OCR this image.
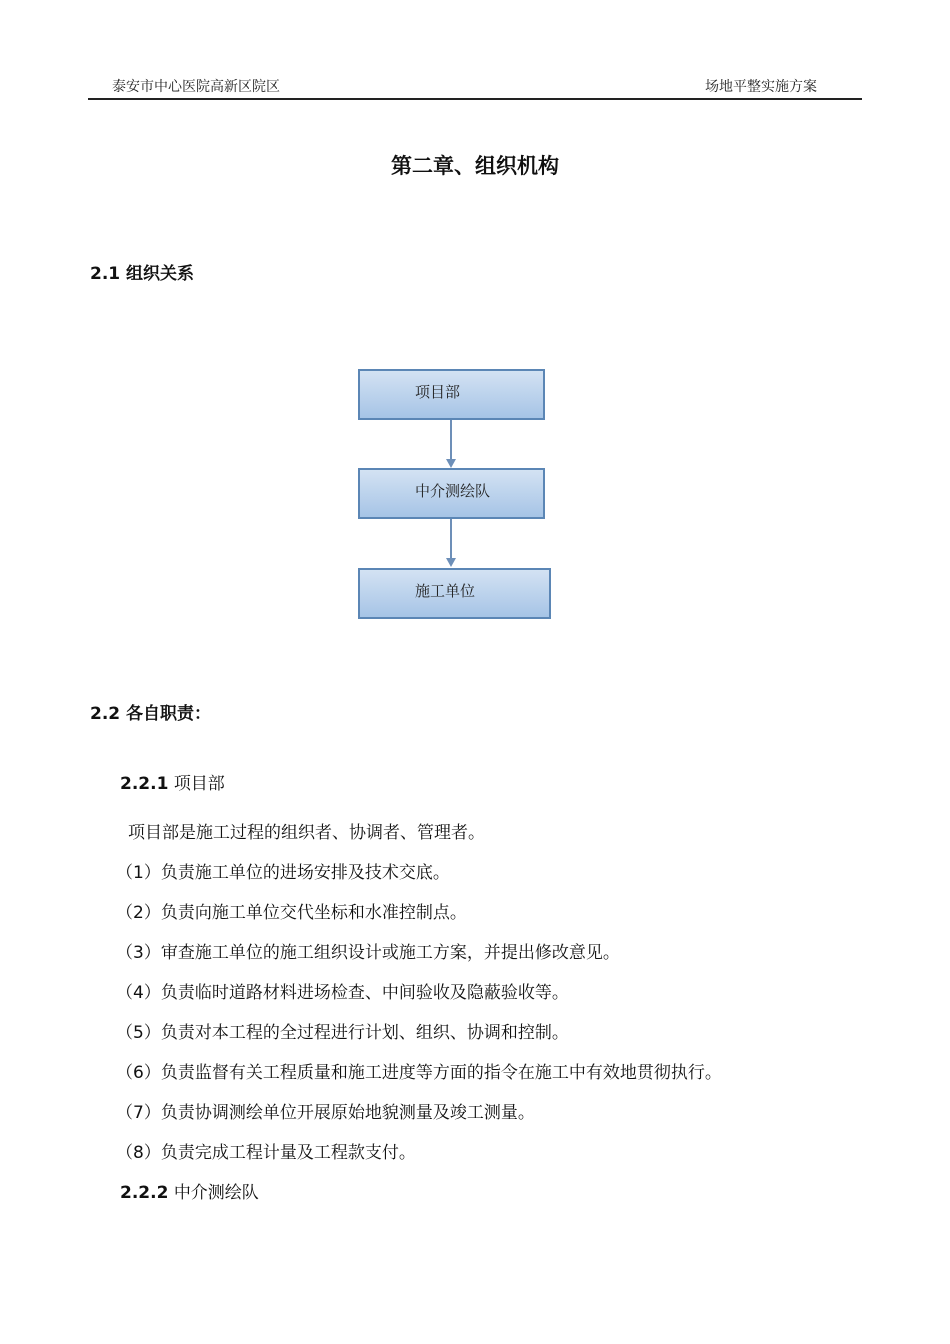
泰安市中心医院高新区院区	场地平整实施方案
第二章、组织机构
2.1 组织关系
项目部
中介测绘队
施工单位
2.2 各自职责：
2.2.1 项目部
项目部是施工过程的组织者、协调者、管理者。
（1）负责施工单位的进场安排及技术交底。
（2）负责向施工单位交代坐标和水准控制点。
（3）审查施工单位的施工组织设计或施工方案，并提出修改意见。
（4）负责临时道路材料进场检查、中间验收及隐蔽验收等。
（5）负责对本工程的全过程进行计划、组织、协调和控制。
（6）负责监督有关工程质量和施工进度等方面的指令在施工中有效地贯彻执行。
（7）负责协调测绘单位开展原始地貌测量及竣工测量。
（8）负责完成工程计量及工程款支付。
2.2.2 中介测绘队
